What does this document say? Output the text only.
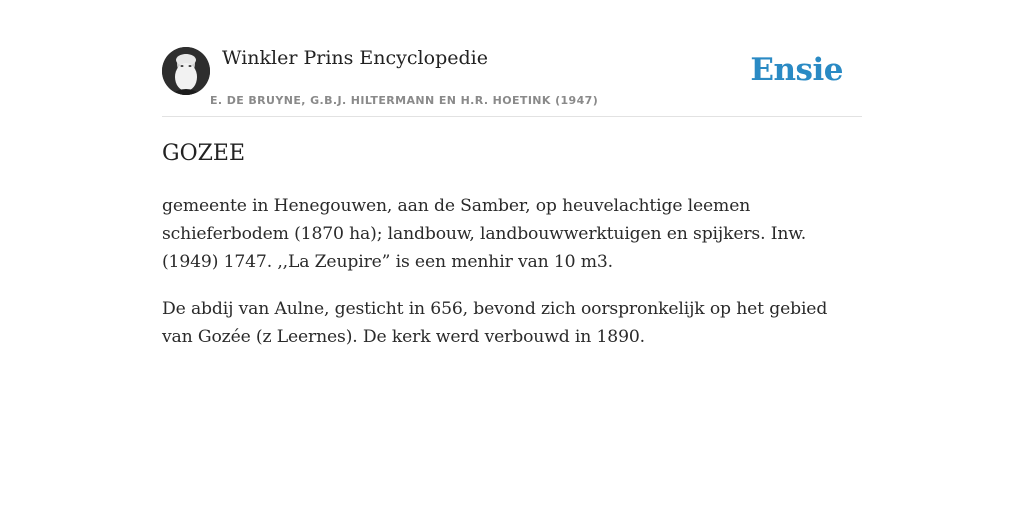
Winkler Prins Encyclopedie
E. DE BRUYNE, G.B.J. HILTERMANN EN H.R. HOETINK (1947)
Ensie
GOZEE

gemeente in Henegouwen, aan de Samber, op heuvelachtige leemen schieferbodem (1870 ha); landbouw, landbouwwerktuigen en spijkers. Inw. (1949) 1747. ,,La Zeupire” is een menhir van 10 m3.

De abdij van Aulne, gesticht in 656, bevond zich oorspronkelijk op het gebied van Gozée (z Leernes). De kerk werd verbouwd in 1890.
